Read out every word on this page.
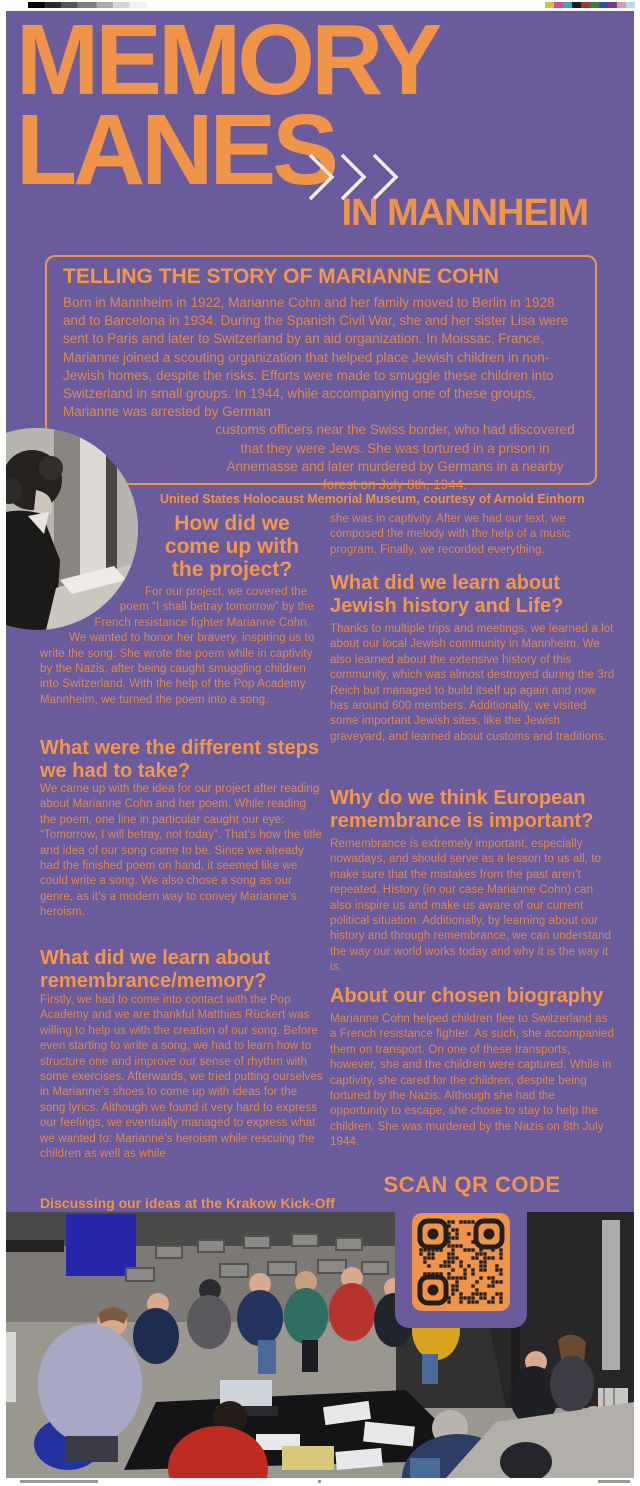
MEMORY
LANES
IN MANNHEIM
TELLING THE STORY OF MARIANNE COHN

Born in Mannheim in 1922, Marianne Cohn and her family moved to Berlin in 1928 and to Barcelona in 1934. During the Spanish Civil War, she and her sister Lisa were sent to Paris and later to Switzerland by an aid organization. In Moissac, France, Marianne joined a scouting organization that helped place Jewish children in non-Jewish homes, despite the risks. Efforts were made to smuggle these children into Switzerland in small groups. In 1944, while accompanying one of these groups, Marianne was arrested by German

customs officers near the Swiss border, who had discovered that they were Jews. She was tortured in a prison in Annemasse and later murdered by Germans in a nearby forest on July 8th, 1944.

United States Holocaust Memorial Museum, courtesy of Arnold Einhorn
How did we come up with the project?
For our project, we covered the poem “I shall betray tomorrow” by the French resistance fighter Marianne Cohn. We wanted to honor her bravery, inspiring us to write the song. She wrote the poem while in captivity by the Nazis, after being caught smuggling children into Switzerland. With the help of the Pop Academy Mannheim, we turned the poem into a song.
What were the different steps we had to take?

We came up with the idea for our project after reading about Marianne Cohn and her poem. While reading the poem, one line in particular caught our eye: “Tomorrow, I will betray, not today”. That’s how the title and idea of our song came to be. Since we already had the finished poem on hand, it seemed like we could write a song. We also chose a song as our genre, as it’s a modern way to convey Marianne’s heroism.

What did we learn about remembrance/memory?

Firstly, we had to come into contact with the Pop Academy and we are thankful Matthias Rückert was willing to help us with the creation of our song. Before even starting to write a song, we had to learn how to structure one and improve our sense of rhythm with some exercises. Afterwards, we tried putting ourselves in Marianne’s shoes to come up with ideas for the song lyrics. Although we found it very hard to express our feelings, we eventually managed to express what we wanted to: Marianne’s heroism while rescuing the children as well as while

Discussing our ideas at the Krakow Kick-Off

she was in captivity. After we had our text, we composed the melody with the help of a music program. Finally, we recorded everything.

What did we learn about Jewish history and Life?

Thanks to multiple trips and meetings, we learned a lot about our local Jewish community in Mannheim. We also learned about the extensive history of this community, which was almost destroyed during the 3rd Reich but managed to build itself up again and now has around 600 members. Additionally, we visited some important Jewish sites, like the Jewish graveyard, and learned about customs and traditions.

Why do we think European remembrance is important?

Remembrance is extremely important, especially nowadays, and should serve as a lesson to us all, to make sure that the mistakes from the past aren’t repeated. History (in our case Marianne Cohn) can also inspire us and make us aware of our current political situation. Additionally, by learning about our history and through remembrance, we can understand the way our world works today and why it is the way it is.

About our chosen biography

Marianne Cohn helped children flee to Switzerland as a French resistance fighter. As such, she accompanied them on transport. On one of these transports, however, she and the children were captured. While in captivity, she cared for the children, despite being tortured by the Nazis. Although she had the opportunity to escape, she chose to stay to help the children. She was murdered by the Nazis on 8th July 1944.

SCAN QR CODE
